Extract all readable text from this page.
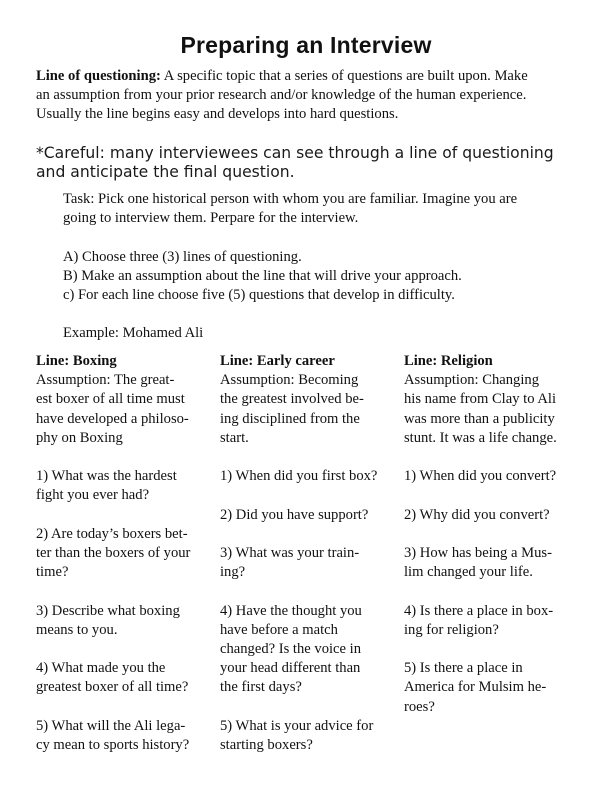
Preparing an Interview
Line of questioning: A specific topic that a series of questions are built upon. Make
an assumption from your prior research and/or knowledge of the human experience.
Usually the line begins easy and develops into hard questions.
*Careful: many interviewees can see through a line of questioning
and anticipate the final question.

Task: Pick one historical person with whom you are familiar. Imagine you are

going to interview them. Perpare for the interview.

A) Choose three (3) lines of questioning.

B) Make an assumption about the line that will drive your approach.

c) For each line choose five (5) questions that develop in difficulty.

Example: Mohamed Ali

Line: Boxing

Assumption: The great-

est boxer of all time must

have developed a philoso-

phy on Boxing

1) What was the hardest

fight you ever had?

2) Are today’s boxers bet-

ter than the boxers of your

time?

3) Describe what boxing

means to you.

4) What made you the

greatest boxer of all time?

5) What will the Ali lega-

cy mean to sports history?

Line: Early career

Assumption: Becoming

the greatest involved be-

ing disciplined from the

start.

1) When did you first box?

2) Did you have support?

3) What was your train-

ing?

4) Have the thought you

have before a match

changed? Is the voice in

your head different than

the first days?

5) What is your advice for

starting boxers?

Line: Religion

Assumption: Changing

his name from Clay to Ali

was more than a publicity

stunt. It was a life change.

1) When did you convert?

2) Why did you convert?

3) How has being a Mus-

lim changed your life.

4) Is there a place in box-

ing for religion?

5) Is there a place in

America for Mulsim he-

roes?
